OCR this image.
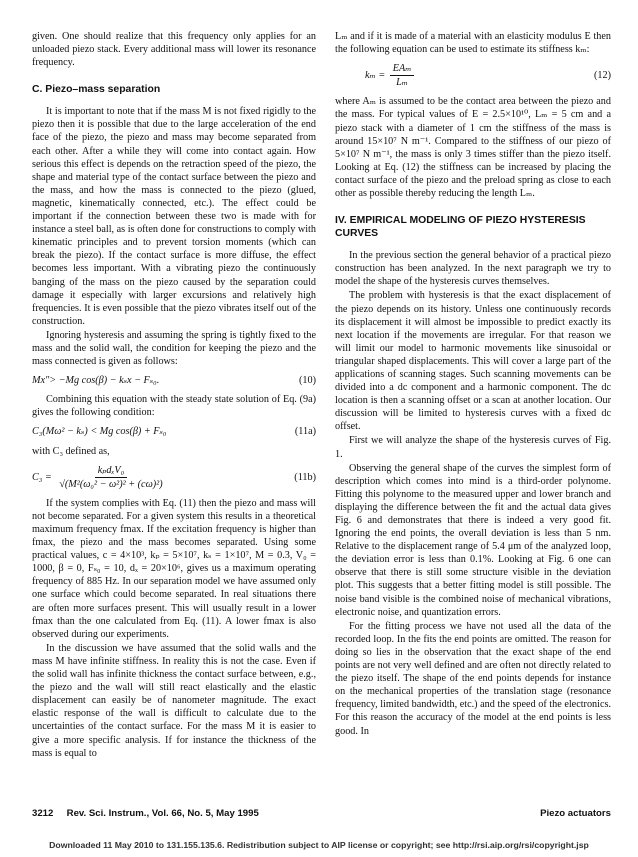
given. One should realize that this frequency only applies for an unloaded piezo stack. Every additional mass will lower its resonance frequency.

C. Piezo–mass separation

It is important to note that if the mass M is not fixed rigidly to the piezo then it is possible that due to the large acceleration of the end face of the piezo, the piezo and mass may become separated from each other. After a while they will come into contact again. How serious this effect is depends on the retraction speed of the piezo, the shape and material type of the contact surface between the piezo and the mass, and how the mass is connected to the piezo (glued, magnetic, kinematically connected, etc.). The effect could be important if the connection between these two is made with for instance a steel ball, as is often done for constructions to comply with kinematic principles and to prevent torsion moments (which can break the piezo). If the contact surface is more diffuse, the effect becomes less important. With a vibrating piezo the continuously banging of the mass on the piezo caused by the separation could damage it especially with larger excursions and relatively high frequencies. It is even possible that the piezo vibrates itself out of the construction.

Ignoring hysteresis and assuming the spring is tightly fixed to the mass and the solid wall, the condition for keeping the piezo and the mass connected is given as follows:

Mx″> −Mg cos(β) − kₛx − Fₛ₀.	(10)

Combining this equation with the steady state solution of Eq. (9a) gives the following condition:

C₃(Mω² − kₛ) < Mg cos(β) + Fₛ₀	(11a)

with C₃ defined as,

$C_3 = \frac{\text{kₚdₓV₀}}{\text{√(M²(ω₀² − ω²)² + (cω)²)}}$	(11b)

If the system complies with Eq. (11) then the piezo and mass will not become separated. For a given system this results in a theoretical maximum frequency fmax. If the excitation frequency is higher than fmax, the piezo and the mass becomes separated. Using some practical values, c = 4×10³, kₚ = 5×10⁷, kₛ = 1×10⁷, M = 0.3, V₀ = 1000, β = 0, Fₛ₀ = 10, dₓ = 20×10⁶, gives us a maximum operating frequency of 885 Hz. In our separation model we have assumed only one surface which could become separated. In real situations there are often more surfaces present. This will usually result in a lower fmax than the one calculated from Eq. (11). A lower fmax is also observed during our experiments.

In the discussion we have assumed that the solid walls and the mass M have infinite stiffness. In reality this is not the case. Even if the solid wall has infinite thickness the contact surface between, e.g., the piezo and the wall will still react elastically and the elastic displacement can easily be of nanometer magnitude. The exact elastic response of the wall is difficult to calculate due to the uncertainties of the contact surface. For the mass M it is easier to give a more specific analysis. If for instance the thickness of the mass is equal to

Lₘ and if it is made of a material with an elasticity modulus E then the following equation can be used to estimate its stiffness kₘ:

$k_m = \frac{\text{EAₘ}}{\text{Lₘ}}$	(12)

where Aₘ is assumed to be the contact area between the piezo and the mass. For typical values of E = 2.5×10¹⁰, Lₘ = 5 cm and a piezo stack with a diameter of 1 cm the stiffness of the mass is around 15×10⁷ N m⁻¹. Compared to the stiffness of our piezo of 5×10⁷ N m⁻¹, the mass is only 3 times stiffer than the piezo itself. Looking at Eq. (12) the stiffness can be increased by placing the contact surface of the piezo and the preload spring as close to each other as possible thereby reducing the length Lₘ.

IV. EMPIRICAL MODELING OF PIEZO HYSTERESIS CURVES

In the previous section the general behavior of a practical piezo construction has been analyzed. In the next paragraph we try to model the shape of the hysteresis curves themselves.

The problem with hysteresis is that the exact displacement of the piezo depends on its history. Unless one continuously records its displacement it will almost be impossible to predict exactly its next location if the movements are irregular. For that reason we will limit our model to harmonic movements like sinusoidal or triangular shaped displacements. This will cover a large part of the applications of scanning stages. Such scanning movements can be divided into a dc component and a harmonic component. The dc location is then a scanning offset or a scan at another location. Our discussion will be limited to hysteresis curves with a fixed dc offset.

First we will analyze the shape of the hysteresis curves of Fig. 1.

Observing the general shape of the curves the simplest form of description which comes into mind is a third-order polynome. Fitting this polynome to the measured upper and lower branch and displaying the difference between the fit and the actual data gives Fig. 6 and demonstrates that there is indeed a very good fit. Ignoring the end points, the overall deviation is less than 5 nm. Relative to the displacement range of 5.4 μm of the analyzed loop, the deviation error is less than 0.1%. Looking at Fig. 6 one can observe that there is still some structure visible in the deviation plot. This suggests that a better fitting model is still possible. The noise band visible is the combined noise of mechanical vibrations, electronic noise, and quantization errors.

For the fitting process we have not used all the data of the recorded loop. In the fits the end points are omitted. The reason for doing so lies in the observation that the exact shape of the end points are not very well defined and are often not directly related to the piezo itself. The shape of the end points depends for instance on the mechanical properties of the translation stage (resonance frequency, limited bandwidth, etc.) and the speed of the electronics. For this reason the accuracy of the model at the end points is less good. In

3212     Rev. Sci. Instrum., Vol. 66, No. 5, May 1995	Piezo actuators
Downloaded 11 May 2010 to 131.155.135.6. Redistribution subject to AIP license or copyright; see http://rsi.aip.org/rsi/copyright.jsp
